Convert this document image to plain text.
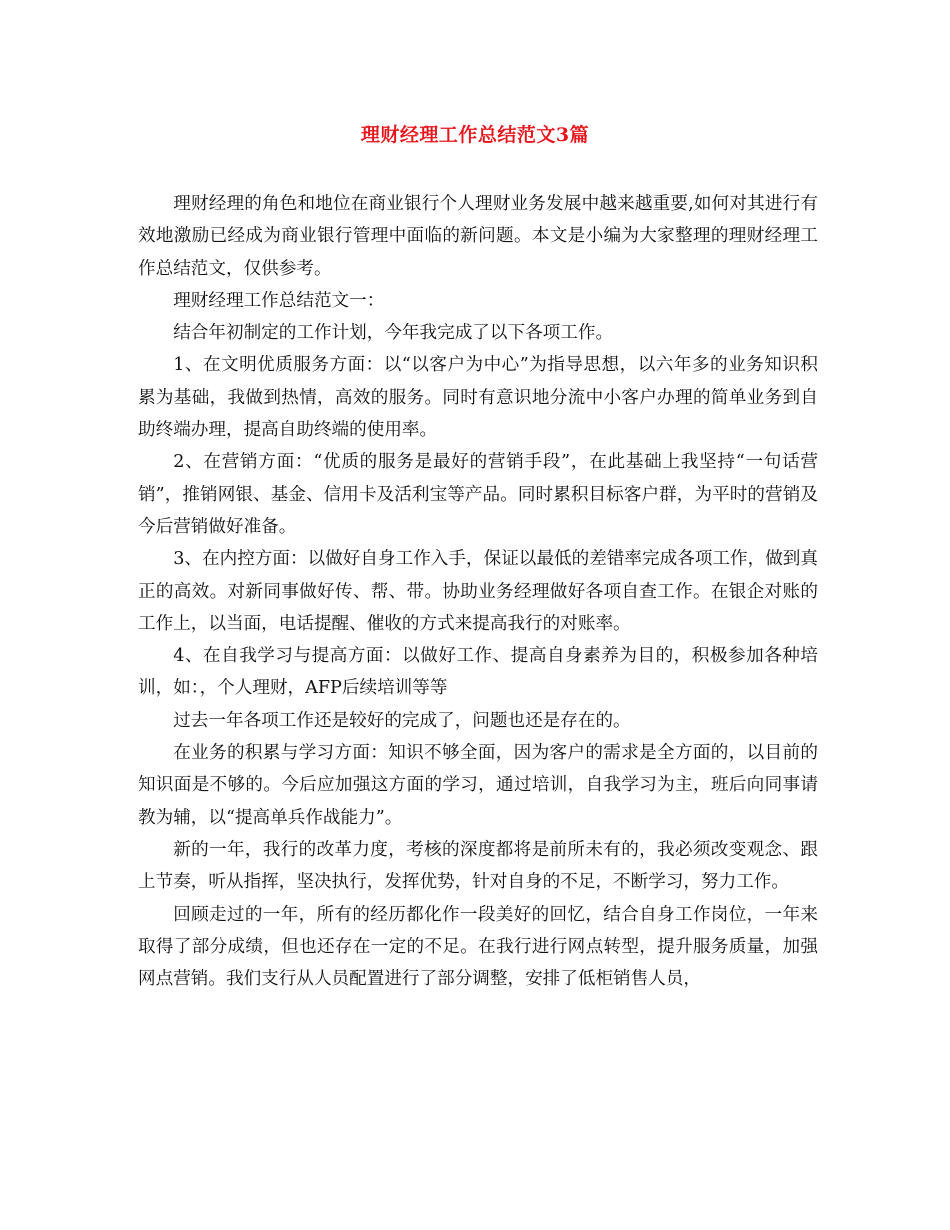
理财经理工作总结范文3篇

理财经理的角色和地位在商业银行个人理财业务发展中越来越重要,如何对其进行有效地激励已经成为商业银行管理中面临的新问题。本文是小编为大家整理的理财经理工作总结范文，仅供参考。

理财经理工作总结范文一：

结合年初制定的工作计划，今年我完成了以下各项工作。

1、在文明优质服务方面：以“以客户为中心”为指导思想，以六年多的业务知识积累为基础，我做到热情，高效的服务。同时有意识地分流中小客户办理的简单业务到自助终端办理，提高自助终端的使用率。

2、在营销方面：“优质的服务是最好的营销手段”，在此基础上我坚持“一句话营销”，推销网银、基金、信用卡及活利宝等产品。同时累积目标客户群，为平时的营销及今后营销做好准备。

3、在内控方面：以做好自身工作入手，保证以最低的差错率完成各项工作，做到真正的高效。对新同事做好传、帮、带。协助业务经理做好各项自查工作。在银企对账的工作上，以当面，电话提醒、催收的方式来提高我行的对账率。

4、在自我学习与提高方面：以做好工作、提高自身素养为目的，积极参加各种培训，如：，个人理财，AFP后续培训等等

过去一年各项工作还是较好的完成了，问题也还是存在的。

在业务的积累与学习方面：知识不够全面，因为客户的需求是全方面的，以目前的知识面是不够的。今后应加强这方面的学习，通过培训，自我学习为主，班后向同事请教为辅，以“提高单兵作战能力”。

新的一年，我行的改革力度，考核的深度都将是前所未有的，我必须改变观念、跟上节奏，听从指挥，坚决执行，发挥优势，针对自身的不足，不断学习，努力工作。

回顾走过的一年，所有的经历都化作一段美好的回忆，结合自身工作岗位，一年来取得了部分成绩，但也还存在一定的不足。在我行进行网点转型，提升服务质量，加强网点营销。我们支行从人员配置进行了部分调整，安排了低柜销售人员，
